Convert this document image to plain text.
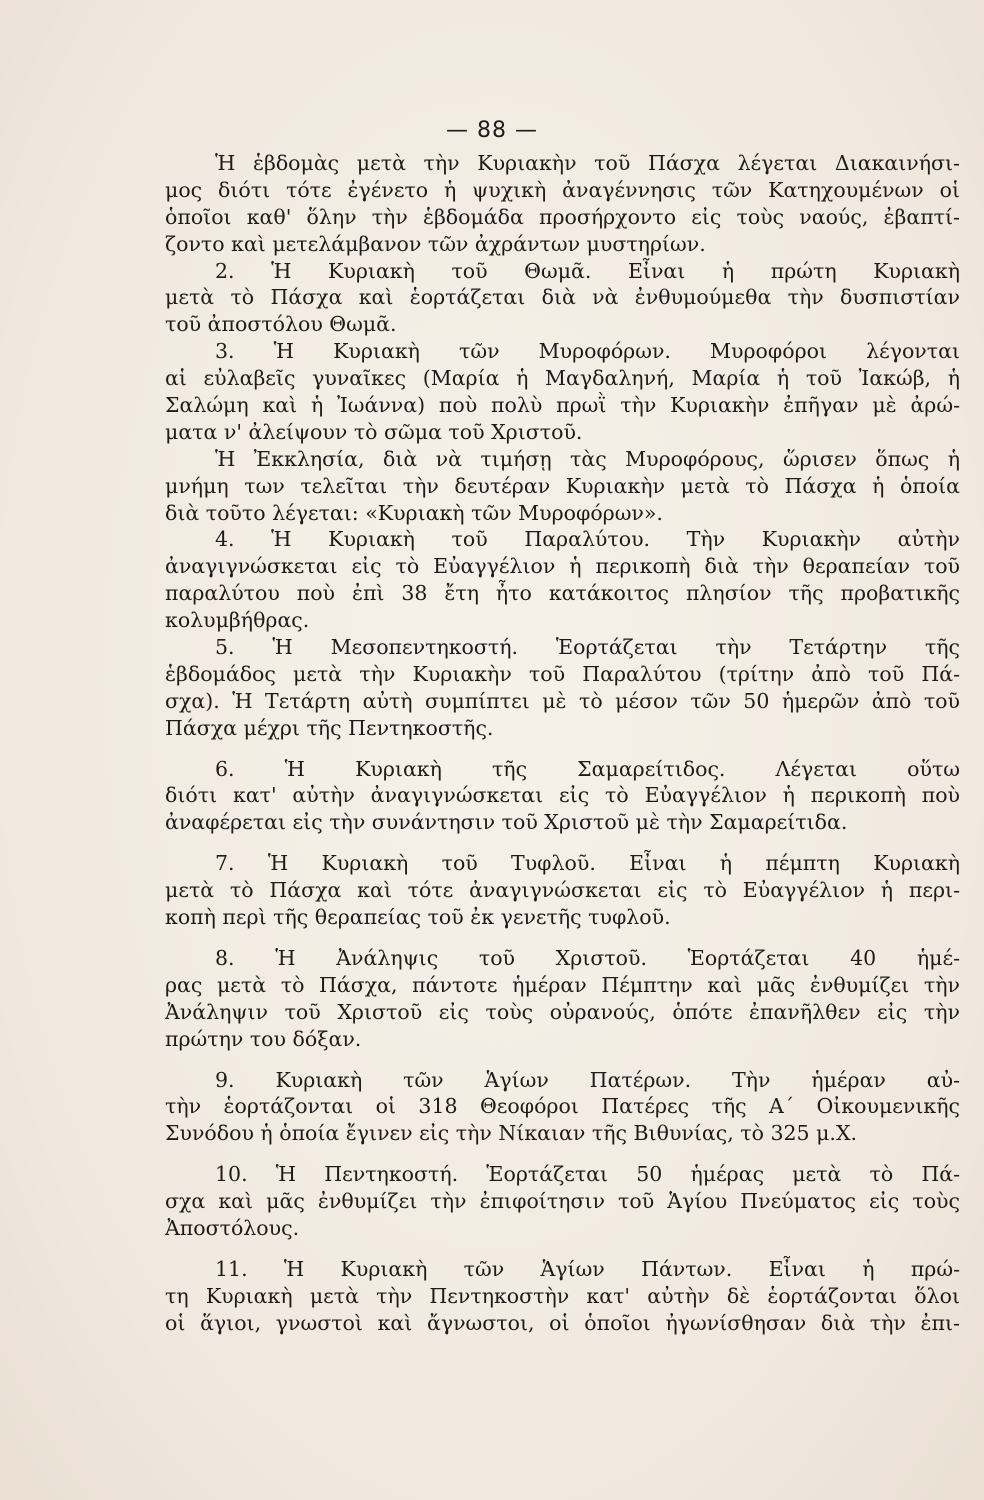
— 88 —
Ἡ ἑβδομὰς μετὰ τὴν Κυριακὴν τοῦ Πάσχα λέγεται Διακαινήσι-
μος διότι τότε ἐγένετο ἡ ψυχικὴ ἀναγέννησις τῶν Κατηχουμένων οἱ
ὁποῖοι καθ' ὅλην τὴν ἑβδομάδα προσήρχοντο εἰς τοὺς ναούς, ἐβαπτί-
ζοντο καὶ μετελάμβανον τῶν ἀχράντων μυστηρίων.
2. Ἡ Κυριακὴ τοῦ Θωμᾶ. Εἶναι ἡ πρώτη Κυριακὴ
μετὰ τὸ Πάσχα καὶ ἑορτάζεται διὰ νὰ ἐνθυμούμεθα τὴν δυσπιστίαν
τοῦ ἀποστόλου Θωμᾶ.
3. Ἡ Κυριακὴ τῶν Μυροφόρων. Μυροφόροι λέγονται
αἱ εὐλαβεῖς γυναῖκες (Μαρία ἡ Μαγδαληνή, Μαρία ἡ τοῦ Ἰακώβ, ἡ
Σαλώμη καὶ ἡ Ἰωάννα) ποὺ πολὺ πρωῒ τὴν Κυριακὴν ἐπῆγαν μὲ ἀρώ-
ματα ν' ἀλείψουν τὸ σῶμα τοῦ Χριστοῦ.
Ἡ Ἐκκλησία, διὰ νὰ τιμήσῃ τὰς Μυροφόρους, ὥρισεν ὅπως ἡ
μνήμη των τελεῖται τὴν δευτέραν Κυριακὴν μετὰ τὸ Πάσχα ἡ ὁποία
διὰ τοῦτο λέγεται: «Κυριακὴ τῶν Μυροφόρων».
4. Ἡ Κυριακὴ τοῦ Παραλύτου. Τὴν Κυριακὴν αὐτὴν
ἀναγιγνώσκεται εἰς τὸ Εὐαγγέλιον ἡ περικοπὴ διὰ τὴν θεραπείαν τοῦ
παραλύτου ποὺ ἐπὶ 38 ἔτη ἦτο κατάκοιτος πλησίον τῆς προβατικῆς
κολυμβήθρας.
5. Ἡ Μεσοπεντηκοστή. Ἑορτάζεται τὴν Τετάρτην τῆς
ἑβδομάδος μετὰ τὴν Κυριακὴν τοῦ Παραλύτου (τρίτην ἀπὸ τοῦ Πά-
σχα). Ἡ Τετάρτη αὐτὴ συμπίπτει μὲ τὸ μέσον τῶν 50 ἡμερῶν ἀπὸ τοῦ
Πάσχα μέχρι τῆς Πεντηκοστῆς.
6. Ἡ Κυριακὴ τῆς Σαμαρείτιδος. Λέγεται οὕτω
διότι κατ' αὐτὴν ἀναγιγνώσκεται εἰς τὸ Εὐαγγέλιον ἡ περικοπὴ ποὺ
ἀναφέρεται εἰς τὴν συνάντησιν τοῦ Χριστοῦ μὲ τὴν Σαμαρείτιδα.
7. Ἡ Κυριακὴ τοῦ Τυφλοῦ. Εἶναι ἡ πέμπτη Κυριακὴ
μετὰ τὸ Πάσχα καὶ τότε ἀναγιγνώσκεται εἰς τὸ Εὐαγγέλιον ἡ περι-
κοπὴ περὶ τῆς θεραπείας τοῦ ἐκ γενετῆς τυφλοῦ.
8. Ἡ Ἀνάληψις τοῦ Χριστοῦ. Ἑορτάζεται 40 ἡμέ-
ρας μετὰ τὸ Πάσχα, πάντοτε ἡμέραν Πέμπτην καὶ μᾶς ἐνθυμίζει τὴν
Ἀνάληψιν τοῦ Χριστοῦ εἰς τοὺς οὐρανούς, ὁπότε ἐπανῆλθεν εἰς τὴν
πρώτην του δόξαν.
9. Κυριακὴ τῶν Ἁγίων Πατέρων. Τὴν ἡμέραν αὐ-
τὴν ἑορτάζονται οἱ 318 Θεοφόροι Πατέρες τῆς Α΄ Οἰκουμενικῆς
Συνόδου ἡ ὁποία ἔγινεν εἰς τὴν Νίκαιαν τῆς Βιθυνίας, τὸ 325 μ.Χ.
10. Ἡ Πεντηκοστή. Ἑορτάζεται 50 ἡμέρας μετὰ τὸ Πά-
σχα καὶ μᾶς ἐνθυμίζει τὴν ἐπιφοίτησιν τοῦ Ἁγίου Πνεύματος εἰς τοὺς
Ἀποστόλους.
11. Ἡ Κυριακὴ τῶν Ἁγίων Πάντων. Εἶναι ἡ πρώ-
τη Κυριακὴ μετὰ τὴν Πεντηκοστὴν κατ' αὐτὴν δὲ ἑορτάζονται ὅλοι
οἱ ἅγιοι, γνωστοὶ καὶ ἄγνωστοι, οἱ ὁποῖοι ἠγωνίσθησαν διὰ τὴν ἐπι-
